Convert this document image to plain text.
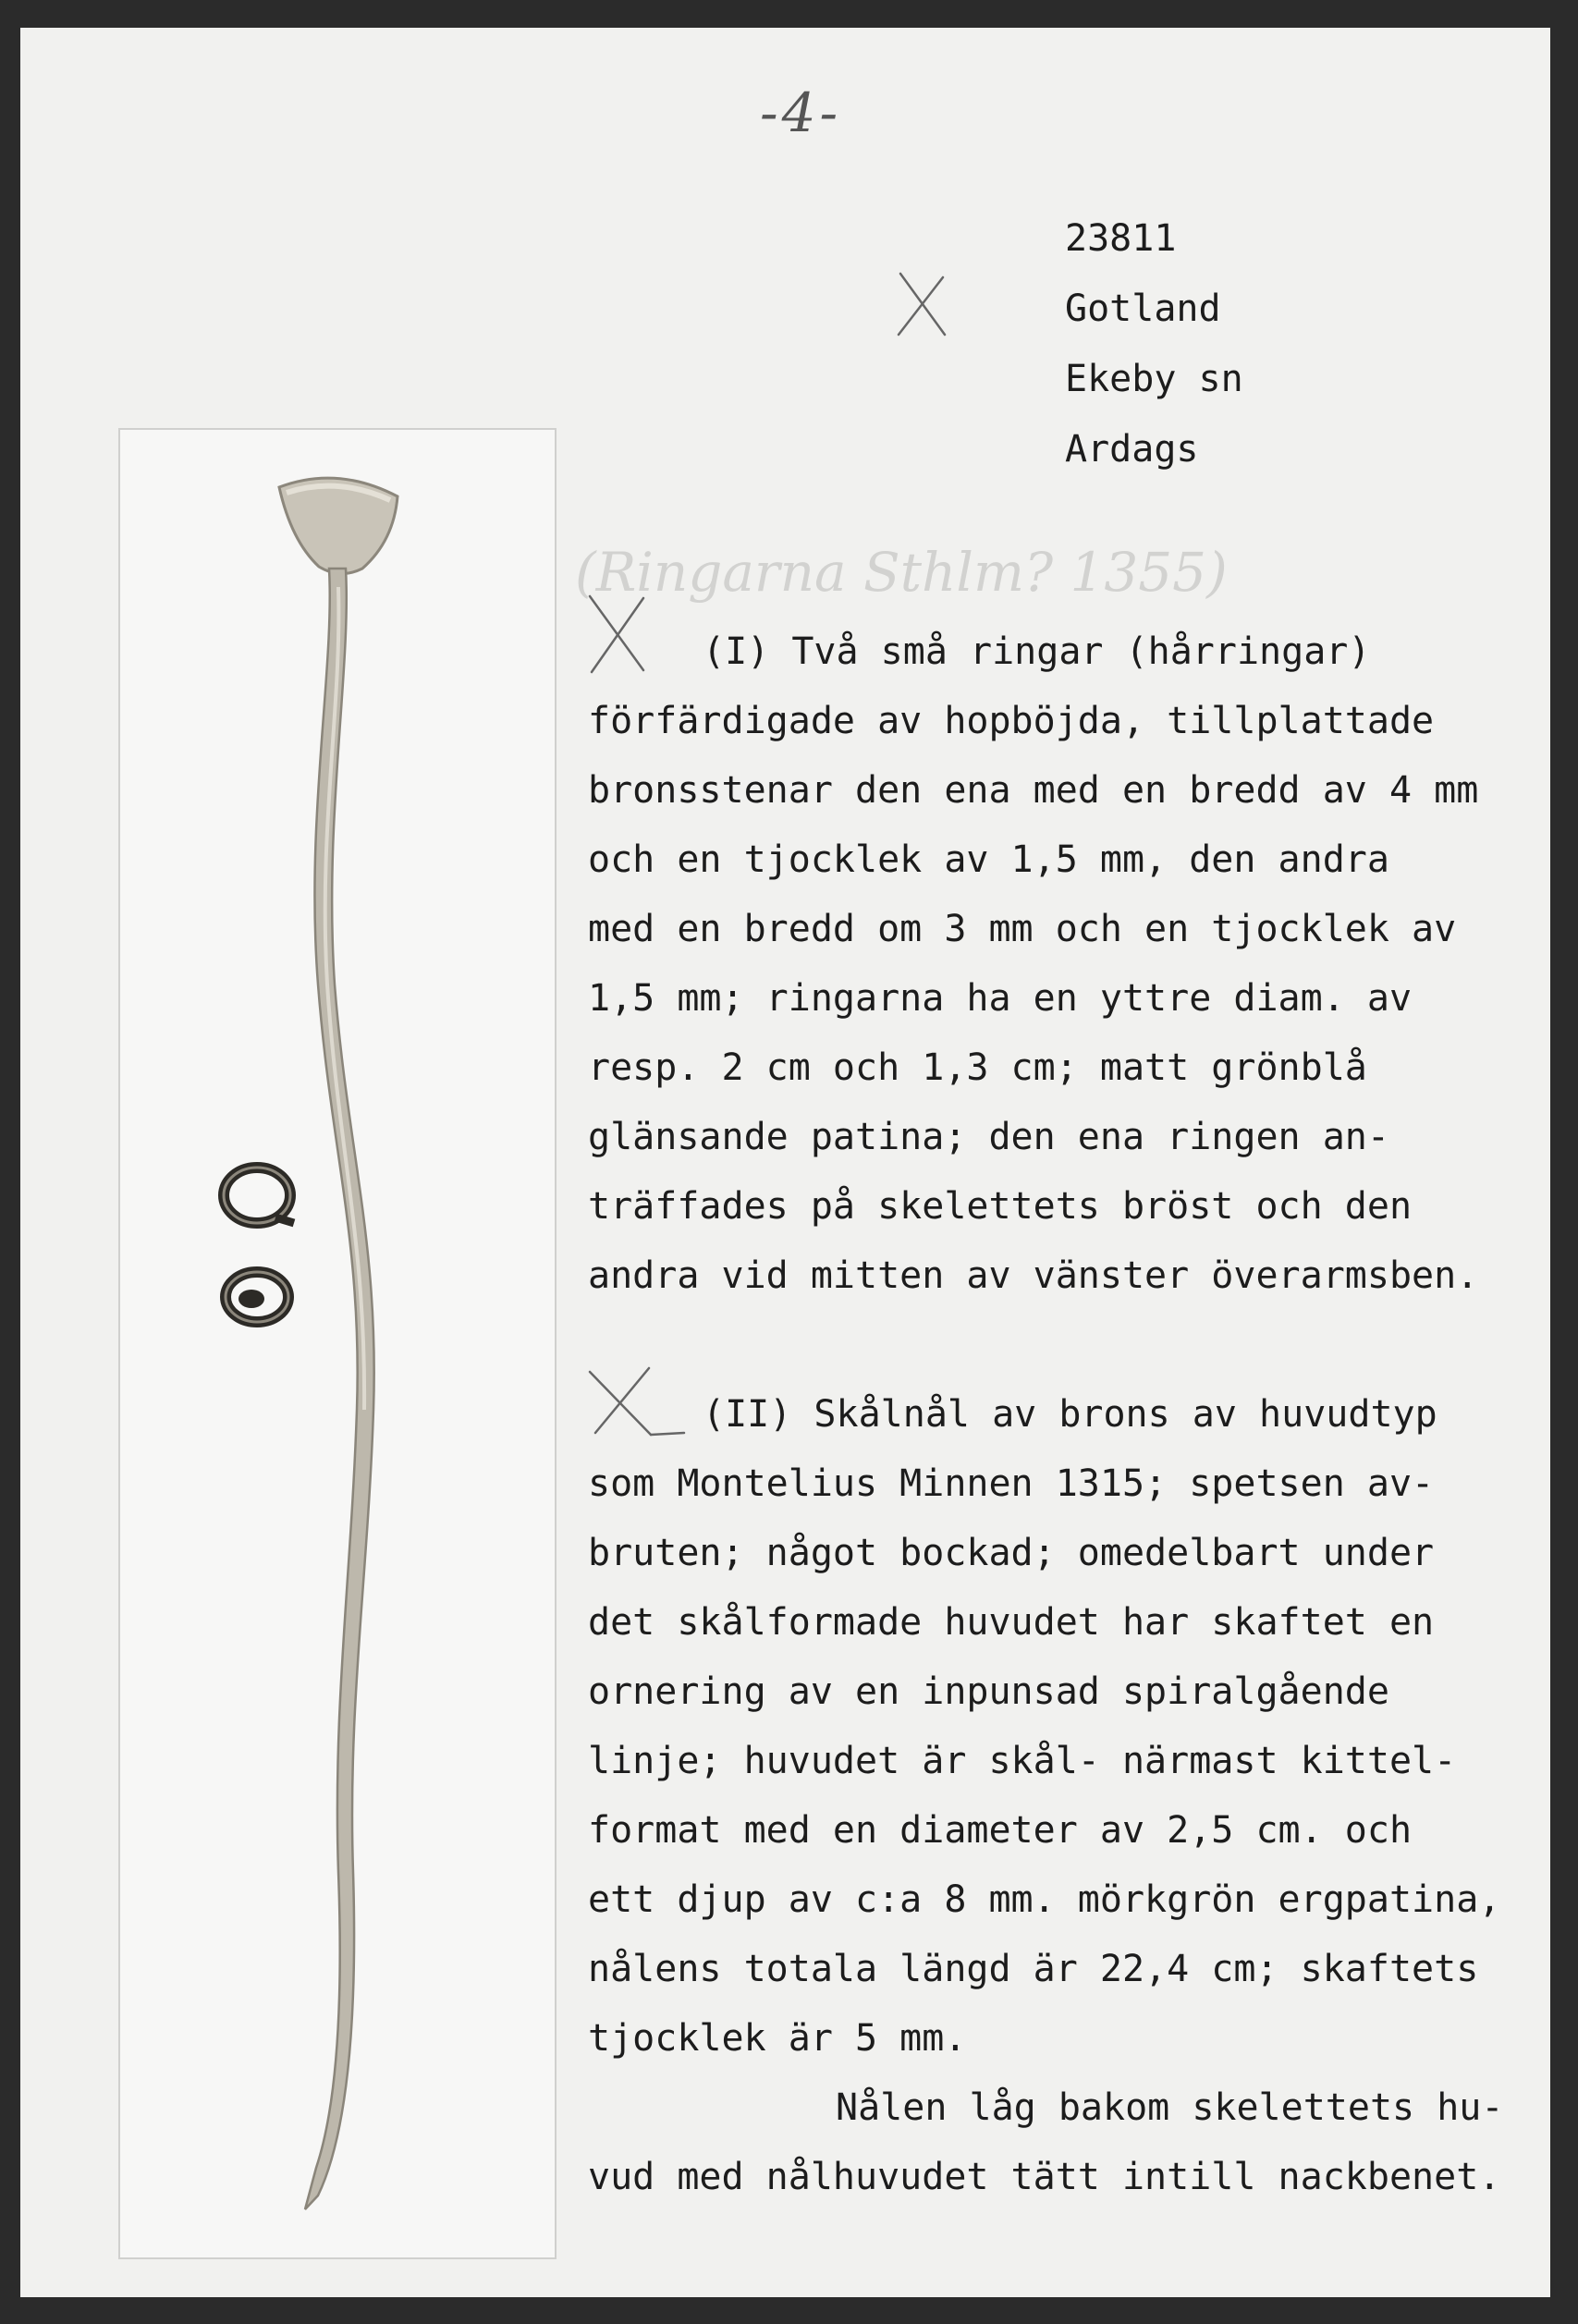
-4-
23811
Gotland
Ekeby sn
Ardags
(Ringarna Sthlm? 1355)
(I) Två små ringar (hårringar)
förfärdigade av hopböjda, tillplattade
bronsstenar den ena med en bredd av 4 mm
och en tjocklek av 1,5 mm, den andra
med en bredd om 3 mm och en tjocklek av
1,5 mm; ringarna ha en yttre diam. av
resp. 2 cm och 1,3 cm; matt grönblå
glänsande patina; den ena ringen an-
träffades på skelettets bröst och den
andra vid mitten av vänster överarmsben.
(II) Skålnål av brons av huvudtyp
som Montelius Minnen 1315; spetsen av-
bruten; något bockad; omedelbart under
det skålformade huvudet har skaftet en
ornering av en inpunsad spiralgående
linje; huvudet är skål- närmast kittel-
format med en diameter av 2,5 cm. och
ett djup av c:a 8 mm. mörkgrön ergpatina,
nålens totala längd är 22,4 cm; skaftets
tjocklek är 5 mm.
Nålen låg bakom skelettets hu-
vud med nålhuvudet tätt intill nackbenet.
